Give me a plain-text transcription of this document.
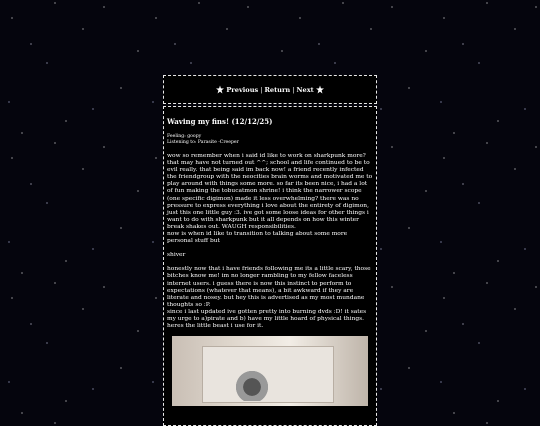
Previous | Return | Next
Waving my fins! (12/12/25)

Feeling: goopy

Listening to: Parasite -Creeper

wow so remember when i said id like to work on sharkpunk more? that may have not turned out ^^; school and life continued to be to evil really. that being said im back now! a friend recently infected the friendgroup with the neocities brain worms and motivated me to play around with things some more. so far its been nice, i had a lot of fun making the tobucatmon shrine! i think the narrower scope (one specific digimon) made it less overwhelming? there was no pressure to express everything i love about the entirety of digimon, just this one little guy :3. ive got some loose ideas for other things i want to do with sharkpunk but it all depends on how this winter break shakes out. WAUGH responsibilities.
now is when id like to transition to talking about some more personal stuff but

shiver

honestly now that i have friends following me its a little scary, those bitches know me! im no longer rambling to my fellow faceless internet users. i guess there is now this instinct to perform to expectations (whatever that means), a bit awkward if they are literate and nosey. but hey this is advertised as my most mundane thoughts so :P.
since i last updated ive gotten pretty into burning dvds :D! it sates my urge to a)pirate and b) have my little hoard of physical things. heres the little beast i use for it.
